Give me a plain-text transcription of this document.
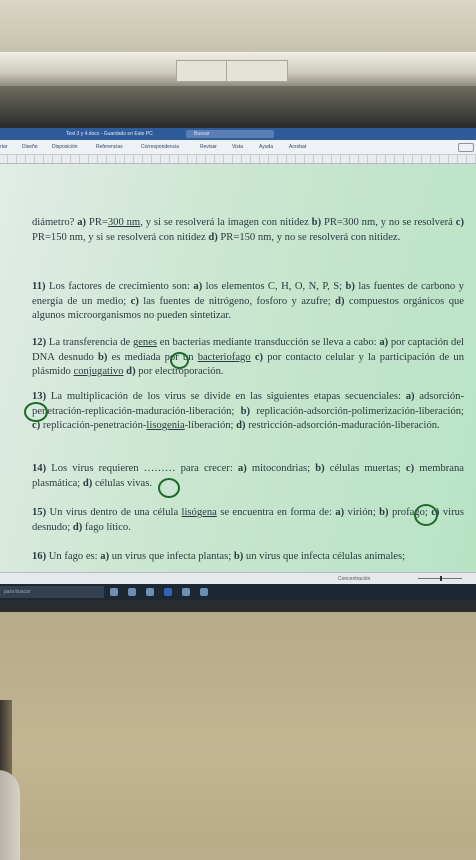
Test 3 y 4.docx - Guardado en Este PC	Buscar
rtar	Diseño	Disposición	Referencias	Correspondencia	Revisar	Vista	Ayuda	Acrobat
diámetro? a) PR=300 nm, y si se resolverá la imagen con nitidez b) PR=300 nm, y no se resolverá c) PR=150 nm, y si se resolverá con nitidez d) PR=150 nm, y no se resolverá con nitidez.
11) Los factores de crecimiento son: a) los elementos C, H, O, N, P, S; b) las fuentes de carbono y energía de un medio; c) las fuentes de nitrógeno, fosforo y azufre; d) compuestos orgánicos que algunos microorganismos no pueden sintetizar.
12) La transferencia de genes en bacterias mediante transducción se lleva a cabo: a) por captación del DNA desnudo b) es mediada por un bacteriofago c) por contacto celular y la participación de un plásmido conjugativo d) por electroporación.
13) La multiplicación de los virus se divide en las siguientes etapas secuenciales: a) adsorción-penetración-replicación-maduración-liberación; b) replicación-adsorción-polimerización-liberación; c) replicación-penetración-lisogenia-liberación; d) restricción-adsorción-maduración-liberación.
14) Los virus requieren ……… para crecer: a) mitocondrias; b) células muertas; c) membrana plasmática; d) células vivas.
15) Un virus dentro de una célula lisógena se encuentra en forma de: a) virión; b) profago; c) virus desnudo; d) fago lítico.
16) Un fago es: a) un virus que infecta plantas; b) un virus que infecta células animales;
Concentración
para buscar
